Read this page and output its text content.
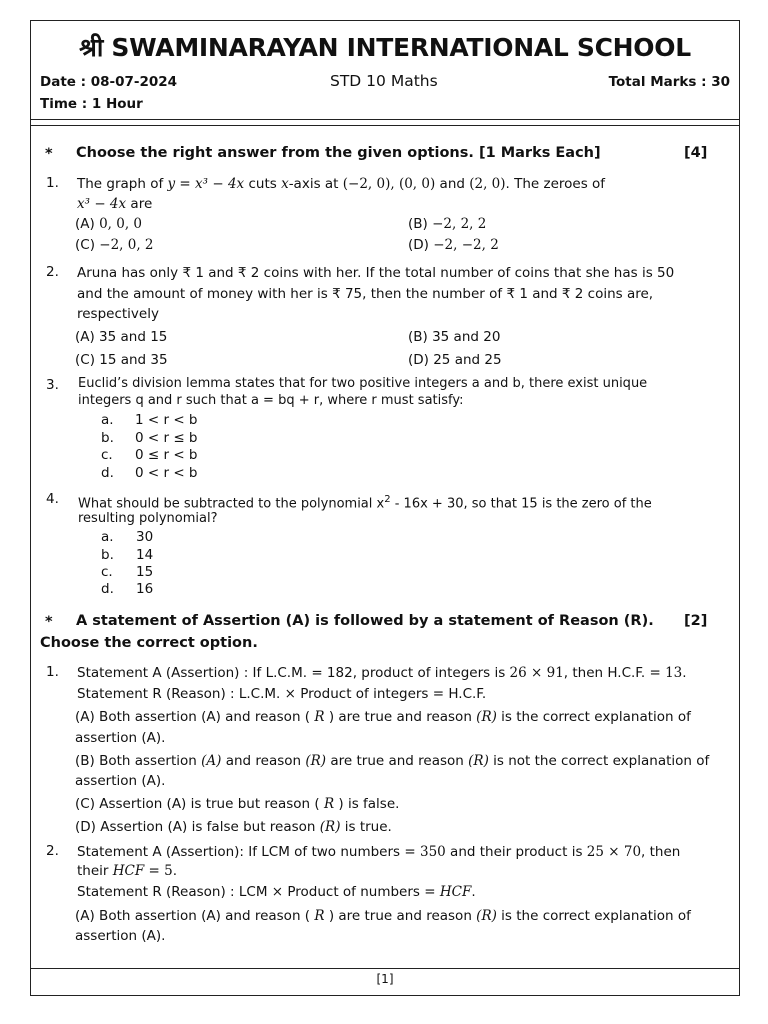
श्री SWAMINARAYAN INTERNATIONAL SCHOOL
Date : 08-07-2024	STD 10 Maths	Total Marks : 30
Time : 1 Hour
* Choose the right answer from the given options. [1 Marks Each]	[4]
1. The graph of y = x³ − 4x cuts x-axis at (−2, 0), (0, 0) and (2, 0). The zeroes of
x³ − 4x are
(A) 0, 0, 0	(B) −2, 2, 2
(C) −2, 0, 2	(D) −2, −2, 2
2. Aruna has only ₹ 1 and ₹ 2 coins with her. If the total number of coins that she has is 50
and the amount of money with her is ₹ 75, then the number of ₹ 1 and ₹ 2 coins are,
respectively
(A) 35 and 15	(B) 35 and 20
(C) 15 and 35	(D) 25 and 25
3. Euclid’s division lemma states that for two positive integers a and b, there exist unique
integers q and r such that a = bq + r, where r must satisfy:
a. 1 < r < b
b. 0 < r ≤ b
c. 0 ≤ r < b
d. 0 < r < b
4. What should be subtracted to the polynomial $x^2 - 16x + 30$, so that 15 is the zero of the
resulting polynomial?
a. 30
b. 14
c. 15
d. 16
* A statement of Assertion (A) is followed by a statement of Reason (R). [2]
Choose the correct option.
1. Statement A (Assertion) : If L.C.M. = 182, product of integers is 26 × 91, then H.C.F. = 13.
Statement R (Reason) : L.C.M. × Product of integers = H.C.F.
(A) Both assertion (A) and reason ( R ) are true and reason (R) is the correct explanation of
assertion (A).
(B) Both assertion (A) and reason (R) are true and reason (R) is not the correct explanation of
assertion (A).
(C) Assertion (A) is true but reason ( R ) is false.
(D) Assertion (A) is false but reason (R) is true.
2. Statement A (Assertion): If LCM of two numbers = 350 and their product is 25 × 70, then
their HCF = 5.
Statement R (Reason) : LCM × Product of numbers = HCF.
(A) Both assertion (A) and reason ( R ) are true and reason (R) is the correct explanation of
assertion (A).
[1]
